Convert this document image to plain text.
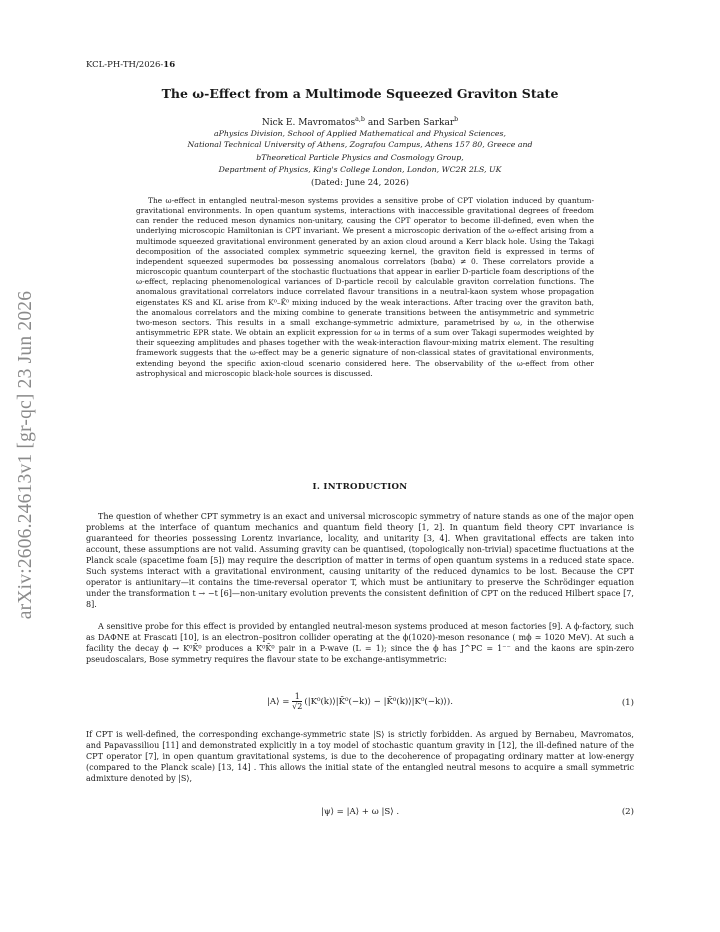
arXiv:2606.24613v1 [gr-qc] 23 Jun 2026
KCL-PH-TH/2026-16
The ω-Effect from a Multimode Squeezed Graviton State
Nick E. Mavromatos$^{a,b}$ and Sarben Sarkar$^b$
aPhysics Division, School of Applied Mathematical and Physical Sciences,
National Technical University of Athens, Zografou Campus, Athens 157 80, Greece and
bTheoretical Particle Physics and Cosmology Group,
Department of Physics, King's College London, London, WC2R 2LS, UK
(Dated: June 24, 2026)

The ω-effect in entangled neutral-meson systems provides a sensitive probe of CPT violation induced by quantum-gravitational environments. In open quantum systems, interactions with inaccessible gravitational degrees of freedom can render the reduced meson dynamics non-unitary, causing the CPT operator to become ill-defined, even when the underlying microscopic Hamiltonian is CPT invariant. We present a microscopic derivation of the ω-effect arising from a multimode squeezed gravitational environment generated by an axion cloud around a Kerr black hole. Using the Takagi decomposition of the associated complex symmetric squeezing kernel, the graviton field is expressed in terms of independent squeezed supermodes bα possessing anomalous correlators ⟨bαbα⟩ ≠ 0. These correlators provide a microscopic quantum counterpart of the stochastic fluctuations that appear in earlier D-particle foam descriptions of the ω-effect, replacing phenomenological variances of D-particle recoil by calculable graviton correlation functions. The anomalous gravitational correlators induce correlated flavour transitions in a neutral-kaon system whose propagation eigenstates KS and KL arise from K⁰–K̄⁰ mixing induced by the weak interactions. After tracing over the graviton bath, the anomalous correlators and the mixing combine to generate transitions between the antisymmetric and symmetric two-meson sectors. This results in a small exchange-symmetric admixture, parametrised by ω, in the otherwise antisymmetric EPR state. We obtain an explicit expression for ω in terms of a sum over Takagi supermodes weighted by their squeezing amplitudes and phases together with the weak-interaction flavour-mixing matrix element. The resulting framework suggests that the ω-effect may be a generic signature of non-classical states of gravitational environments, extending beyond the specific axion-cloud scenario considered here. The observability of the ω-effect from other astrophysical and microscopic black-hole sources is discussed.

I. INTRODUCTION

The question of whether CPT symmetry is an exact and universal microscopic symmetry of nature stands as one of the major open problems at the interface of quantum mechanics and quantum field theory [1, 2]. In quantum field theory CPT invariance is guaranteed for theories possessing Lorentz invariance, locality, and unitarity [3, 4]. When gravitational effects are taken into account, these assumptions are not valid. Assuming gravity can be quantised, (topologically non-trivial) spacetime fluctuations at the Planck scale (spacetime foam [5]) may require the description of matter in terms of open quantum systems in a reduced state space. Such systems interact with a gravitational environment, causing unitarity of the reduced dynamics to be lost. Because the CPT operator is antiunitary—it contains the time-reversal operator T, which must be antiunitary to preserve the Schrödinger equation under the transformation t → −t [6]—non-unitary evolution prevents the consistent definition of CPT on the reduced Hilbert space [7, 8].

A sensitive probe for this effect is provided by entangled neutral-meson systems produced at meson factories [9]. A ϕ-factory, such as DAΦNE at Frascati [10], is an electron–positron collider operating at the ϕ(1020)-meson resonance ( mϕ ≃ 1020 MeV). At such a facility the decay ϕ → K⁰K̄⁰ produces a K⁰K̄⁰ pair in a P-wave (L = 1); since the ϕ has J^PC = 1⁻⁻ and the kaons are spin-zero pseudoscalars, Bose symmetry requires the flavour state to be exchange-antisymmetric:

|A⟩ = $\frac{1}{√2}$ (|K⁰(k)⟩|K̄⁰(−k)⟩ − |K̄⁰(k)⟩|K⁰(−k)⟩).	(1)

If CPT is well-defined, the corresponding exchange-symmetric state |S⟩ is strictly forbidden. As argued by Bernabeu, Mavromatos, and Papavassiliou [11] and demonstrated explicitly in a toy model of stochastic quantum gravity in [12], the ill-defined nature of the CPT operator [7], in open quantum gravitational systems, is due to the decoherence of propagating ordinary matter at low-energy (compared to the Planck scale) [13, 14] . This allows the initial state of the entangled neutral mesons to acquire a small symmetric admixture denoted by |S⟩,

|ψ⟩ = |A⟩ + ω |S⟩ .	(2)
